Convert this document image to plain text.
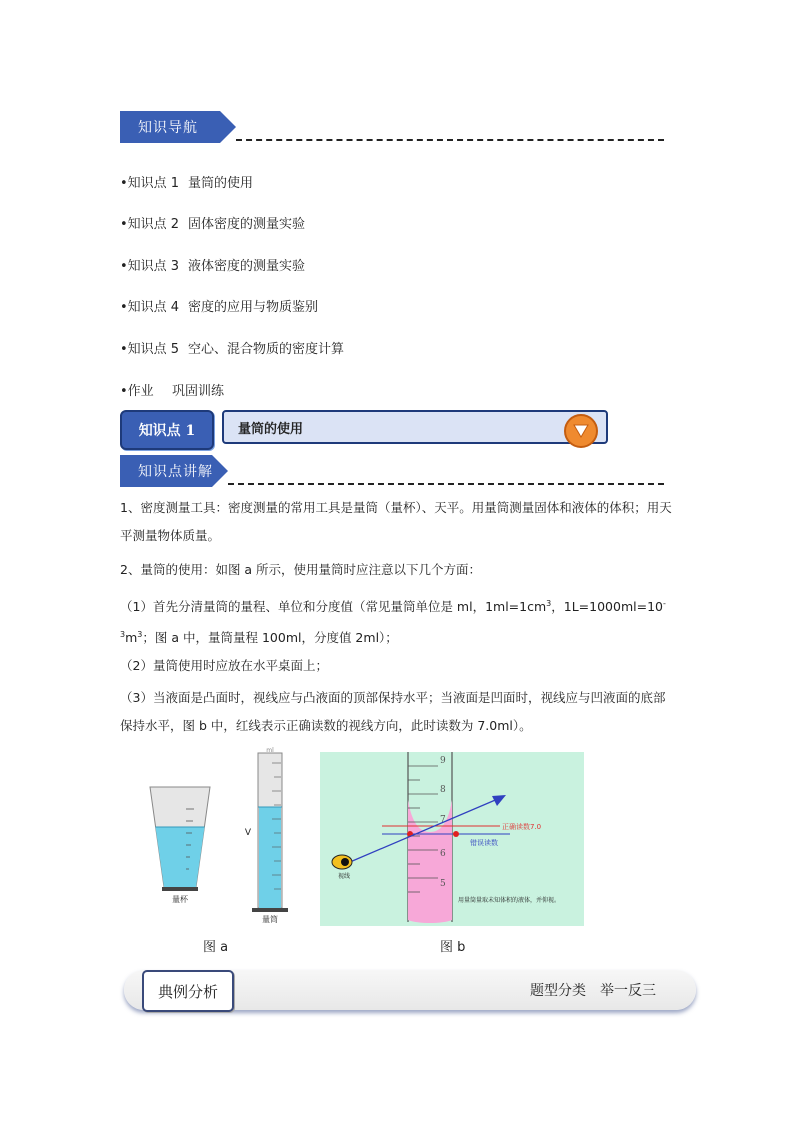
知识导航
•知识点 1 量筒的使用
•知识点 2 固体密度的测量实验
•知识点 3 液体密度的测量实验
•知识点 4 密度的应用与物质鉴别
•知识点 5 空心、混合物质的密度计算
•作业 巩固训练
知识点 1	量筒的使用
知识点讲解
1、密度测量工具：密度测量的常用工具是量筒（量杯）、天平。用量筒测量固体和液体的体积；用天平测量物体质量。
2、量筒的使用：如图 a 所示，使用量筒时应注意以下几个方面：
（1）首先分清量筒的量程、单位和分度值（常见量筒单位是 ml，$1ml=1cm^3$，$1L=1000ml=10^{-3}m^3$；图 a 中，量筒量程 100ml，分度值 2ml）；
（2）量筒使用时应放在水平桌面上；
（3）当液面是凸面时，视线应与凸液面的顶部保持水平；当液面是凹面时，视线应与凹液面的底部保持水平，图 b 中，红线表示正确读数的视线方向，此时读数为 7.0ml）。
量杯
V
ml
量筒
图 a
9
8
7
6
5
正确读数7.0
错误读数
视线
用量筒量取未知体积的液体，并仰视。
图 b
典例分析	题型分类　举一反三
